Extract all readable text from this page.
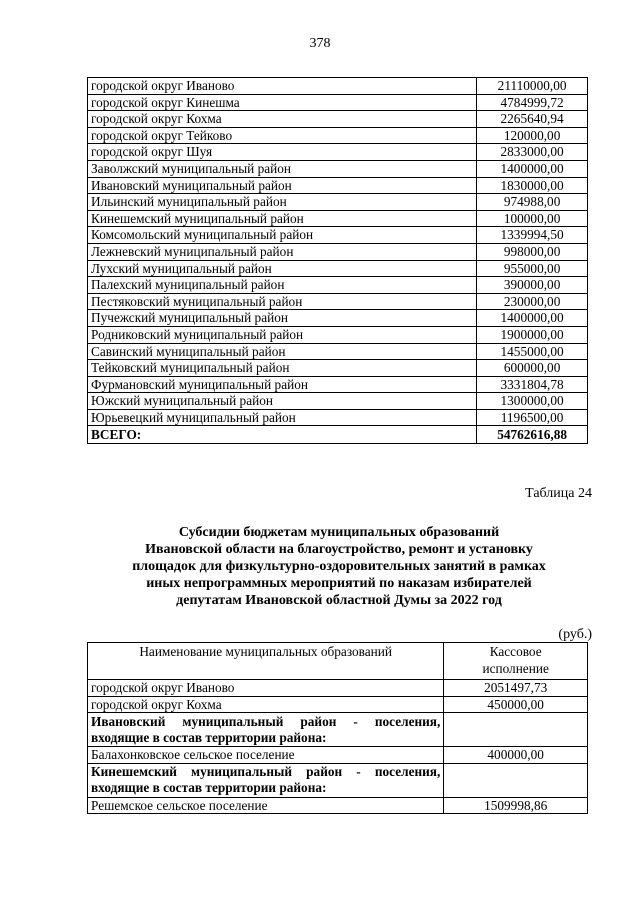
378
городской округ Иваново	21110000,00
городской округ Кинешма	4784999,72
городской округ Кохма	2265640,94
городской округ Тейково	120000,00
городской округ Шуя	2833000,00
Заволжский муниципальный район	1400000,00
Ивановский муниципальный район	1830000,00
Ильинский муниципальный район	974988,00
Кинешемский муниципальный район	100000,00
Комсомольский муниципальный район	1339994,50
Лежневский муниципальный район	998000,00
Лухский муниципальный район	955000,00
Палехский муниципальный район	390000,00
Пестяковский муниципальный район	230000,00
Пучежский муниципальный район	1400000,00
Родниковский муниципальный район	1900000,00
Савинский муниципальный район	1455000,00
Тейковский муниципальный район	600000,00
Фурмановский муниципальный район	3331804,78
Южский муниципальный район	1300000,00
Юрьевецкий муниципальный район	1196500,00
ВСЕГО:	54762616,88
Таблица 24
Субсидии бюджетам муниципальных образований
Ивановской области на благоустройство, ремонт и установку
площадок для физкультурно-оздоровительных занятий в рамках
иных непрограммных мероприятий по наказам избирателей
депутатам Ивановской областной Думы за 2022 год
(руб.)
Наименование муниципальных образований	Кассовое
исполнение

городской округ Иваново	2051497,73
городской округ Кохма	450000,00
Ивановский муниципальный район - поселения, входящие в состав территории района:	
Балахонковское сельское поселение	400000,00
Кинешемский муниципальный район - поселения, входящие в состав территории района:	
Решемское сельское поселение	1509998,86
